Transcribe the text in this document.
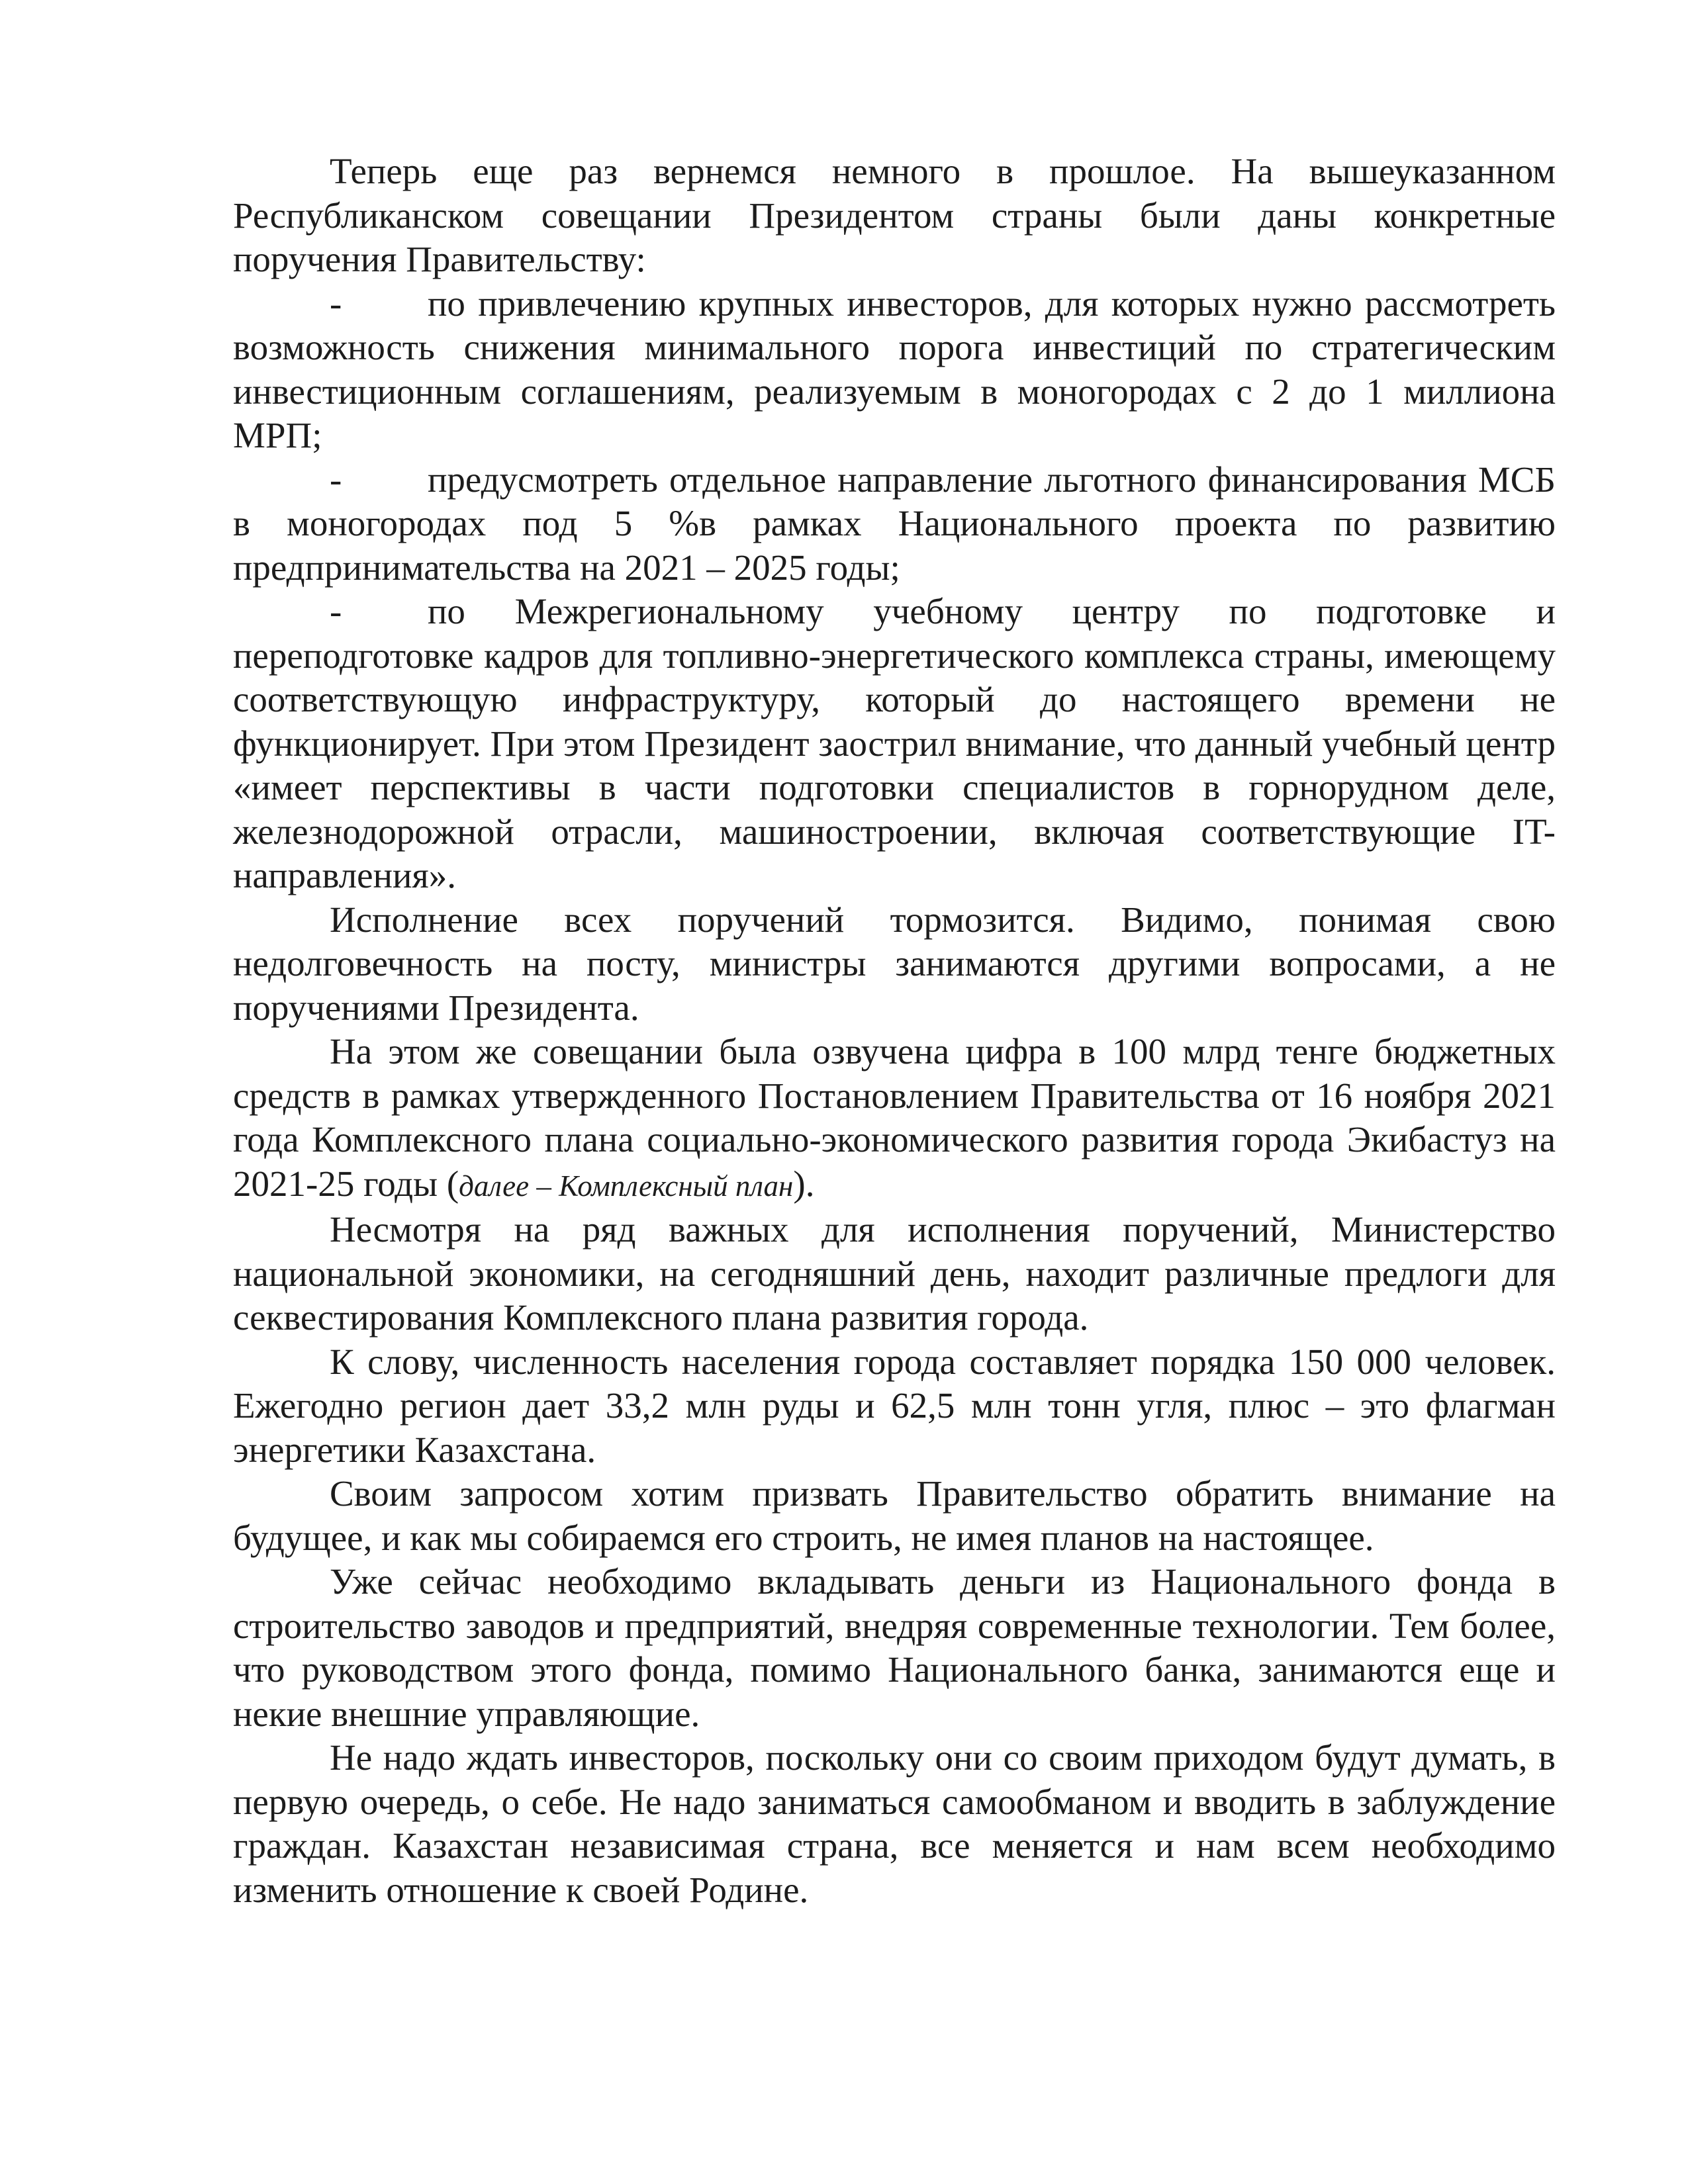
Теперь еще раз вернемся немного в прошлое. На вышеуказанном Республиканском совещании Президентом страны были даны конкретные поручения Правительству:

- по привлечению крупных инвесторов, для которых нужно рассмотреть возможность снижения минимального порога инвестиций по стратегическим инвестиционным соглашениям, реализуемым в моногородах с 2 до 1 миллиона МРП;

- предусмотреть отдельное направление льготного финансирования МСБ в моногородах под 5 %в рамках Национального проекта по развитию предпринимательства на 2021 – 2025 годы;

- по Межрегиональному учебному центру по подготовке и переподготовке кадров для топливно-энергетического комплекса страны, имеющему соответствующую инфраструктуру, который до настоящего времени не функционирует. При этом Президент заострил внимание, что данный учебный центр «имеет перспективы в части подготовки специалистов в горнорудном деле, железнодорожной отрасли, машиностроении, включая соответствующие IT-направления».

Исполнение всех поручений тормозится. Видимо, понимая свою недолговечность на посту, министры занимаются другими вопросами, а не поручениями Президента.

На этом же совещании была озвучена цифра в 100 млрд тенге бюджетных средств в рамках утвержденного Постановлением Правительства от 16 ноября 2021 года Комплексного плана социально-экономического развития города Экибастуз на 2021-25 годы (далее – Комплексный план).

Несмотря на ряд важных для исполнения поручений, Министерство национальной экономики, на сегодняшний день, находит различные предлоги для секвестирования Комплексного плана развития города.

К слову, численность населения города составляет порядка 150 000 человек. Ежегодно регион дает 33,2 млн руды и 62,5 млн тонн угля, плюс – это флагман энергетики Казахстана.

Своим запросом хотим призвать Правительство обратить внимание на будущее, и как мы собираемся его строить, не имея планов на настоящее.

Уже сейчас необходимо вкладывать деньги из Национального фонда в строительство заводов и предприятий, внедряя современные технологии. Тем более, что руководством этого фонда, помимо Национального банка, занимаются еще и некие внешние управляющие.

Не надо ждать инвесторов, поскольку они со своим приходом будут думать, в первую очередь, о себе. Не надо заниматься самообманом и вводить в заблуждение граждан. Казахстан независимая страна, все меняется и нам всем необходимо изменить отношение к своей Родине.
